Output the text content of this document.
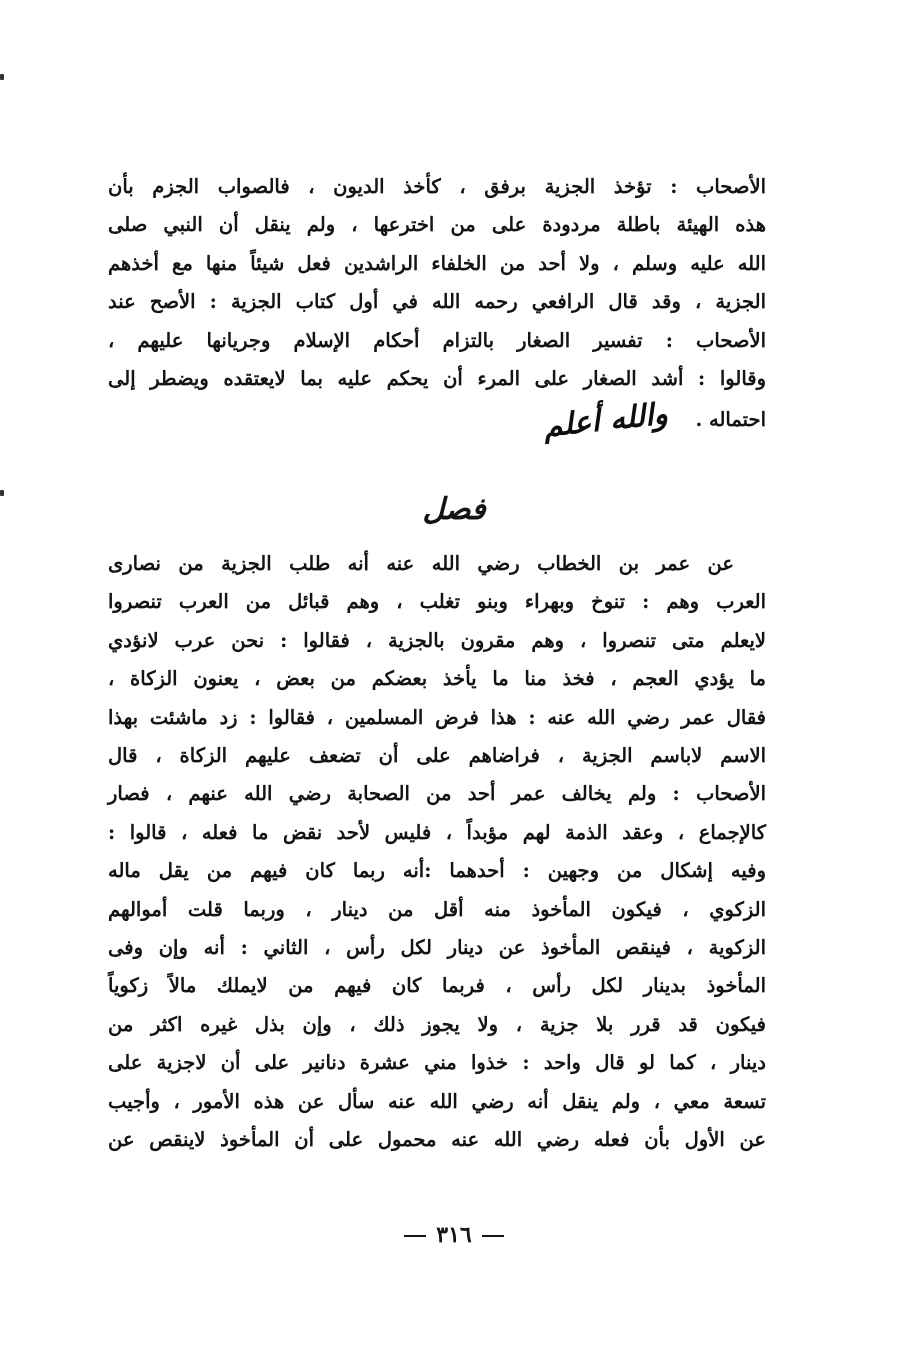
الأصحاب : تؤخذ الجزية برفق ، كأخذ الديون ، فالصواب الجزم بأن
هذه الهيئة باطلة مردودة على من اخترعها ، ولم ينقل أن النبي صلى
الله عليه وسلم ، ولا أحد من الخلفاء الراشدين فعل شيئاً منها مع أخذهم
الجزية ، وقد قال الرافعي رحمه الله في أول كتاب الجزية : الأصح عند
الأصحاب : تفسير الصغار بالتزام أحكام الإسلام وجريانها عليهم ،
وقالوا : أشد الصغار على المرء أن يحكم عليه بما لايعتقده ويضطر إلى
احتماله .والله أعلم
فصل
عن عمر بن الخطاب رضي الله عنه أنه طلب الجزية من نصارى
العرب وهم : تنوخ وبهراء وبنو تغلب ، وهم قبائل من العرب تنصروا
لايعلم متى تنصروا ، وهم مقرون بالجزية ، فقالوا : نحن عرب لانؤدي
ما يؤدي العجم ، فخذ منا ما يأخذ بعضكم من بعض ، يعنون الزكاة ،
فقال عمر رضي الله عنه : هذا فرض المسلمين ، فقالوا : زد ماشئت بهذا
الاسم لاباسم الجزية ، فراضاهم على أن تضعف عليهم الزكاة ، قال
الأصحاب : ولم يخالف عمر أحد من الصحابة رضي الله عنهم ، فصار
كالإجماع ، وعقد الذمة لهم مؤبداً ، فليس لأحد نقض ما فعله ، قالوا :
وفيه إشكال من وجهين : أحدهما :أنه ربما كان فيهم من يقل ماله
الزكوي ، فيكون المأخوذ منه أقل من دينار ، وربما قلت أموالهم
الزكوية ، فينقص المأخوذ عن دينار لكل رأس ، الثاني : أنه وإن وفى
المأخوذ بدينار لكل رأس ، فربما كان فيهم من لايملك مالاً زكوياً
فيكون قد قرر بلا جزية ، ولا يجوز ذلك ، وإن بذل غيره اكثر من
دينار ، كما لو قال واحد : خذوا مني عشرة دنانير على أن لاجزية على
تسعة معي ، ولم ينقل أنه رضي الله عنه سأل عن هذه الأمور ، وأجيب
عن الأول بأن فعله رضي الله عنه محمول على أن المأخوذ لاينقص عن
٣١٦
